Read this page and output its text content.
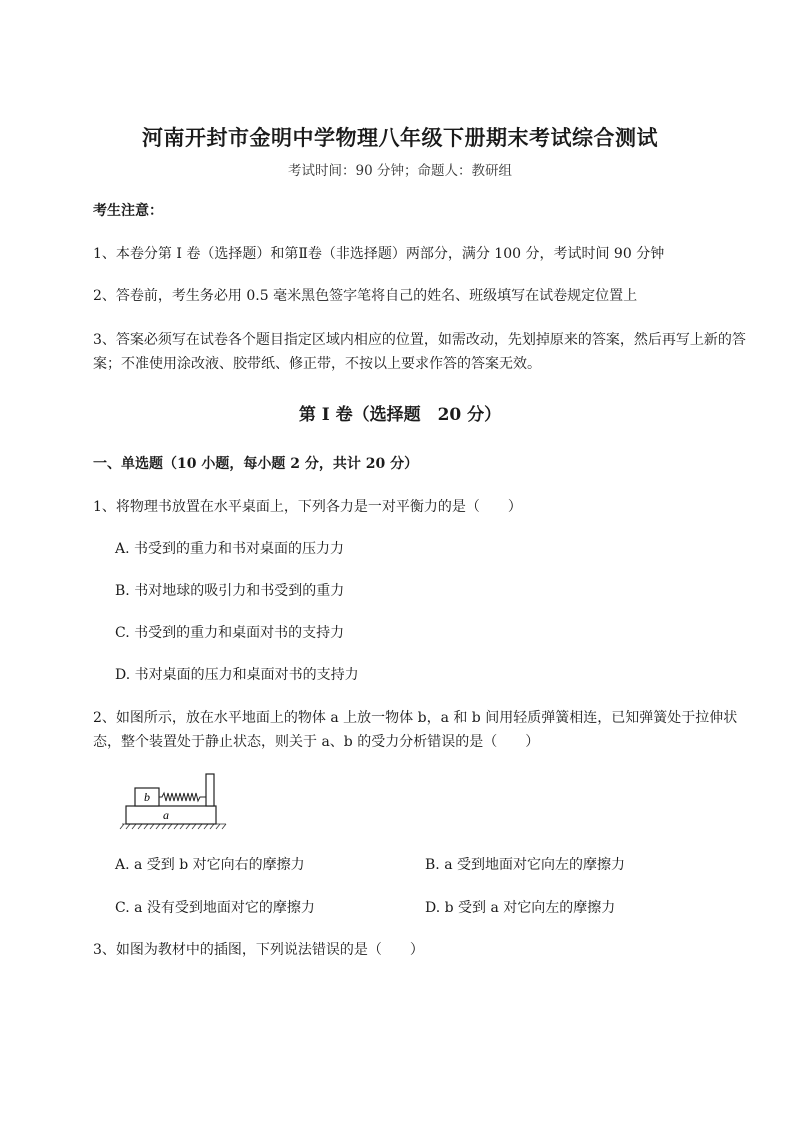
河南开封市金明中学物理八年级下册期末考试综合测试
考试时间：90 分钟；命题人：教研组
考生注意：
1、本卷分第 I 卷（选择题）和第Ⅱ卷（非选择题）两部分，满分 100 分，考试时间 90 分钟
2、答卷前，考生务必用 0.5 毫米黑色签字笔将自己的姓名、班级填写在试卷规定位置上
3、答案必须写在试卷各个题目指定区域内相应的位置，如需改动，先划掉原来的答案，然后再写上新的答案；不准使用涂改液、胶带纸、修正带，不按以上要求作答的答案无效。
第 I 卷（选择题　20 分）
一、单选题（10 小题，每小题 2 分，共计 20 分）
1、将物理书放置在水平桌面上，下列各力是一对平衡力的是（　　）
A. 书受到的重力和书对桌面的压力力
B. 书对地球的吸引力和书受到的重力
C. 书受到的重力和桌面对书的支持力
D. 书对桌面的压力和桌面对书的支持力
2、如图所示，放在水平地面上的物体 a 上放一物体 b，a 和 b 间用轻质弹簧相连，已知弹簧处于拉伸状态，整个装置处于静止状态，则关于 a、b 的受力分析错误的是（　　）
b
a
A. a 受到 b 对它向右的摩擦力	B. a 受到地面对它向左的摩擦力
C. a 没有受到地面对它的摩擦力	D. b 受到 a 对它向左的摩擦力
3、如图为教材中的插图，下列说法错误的是（　　）
